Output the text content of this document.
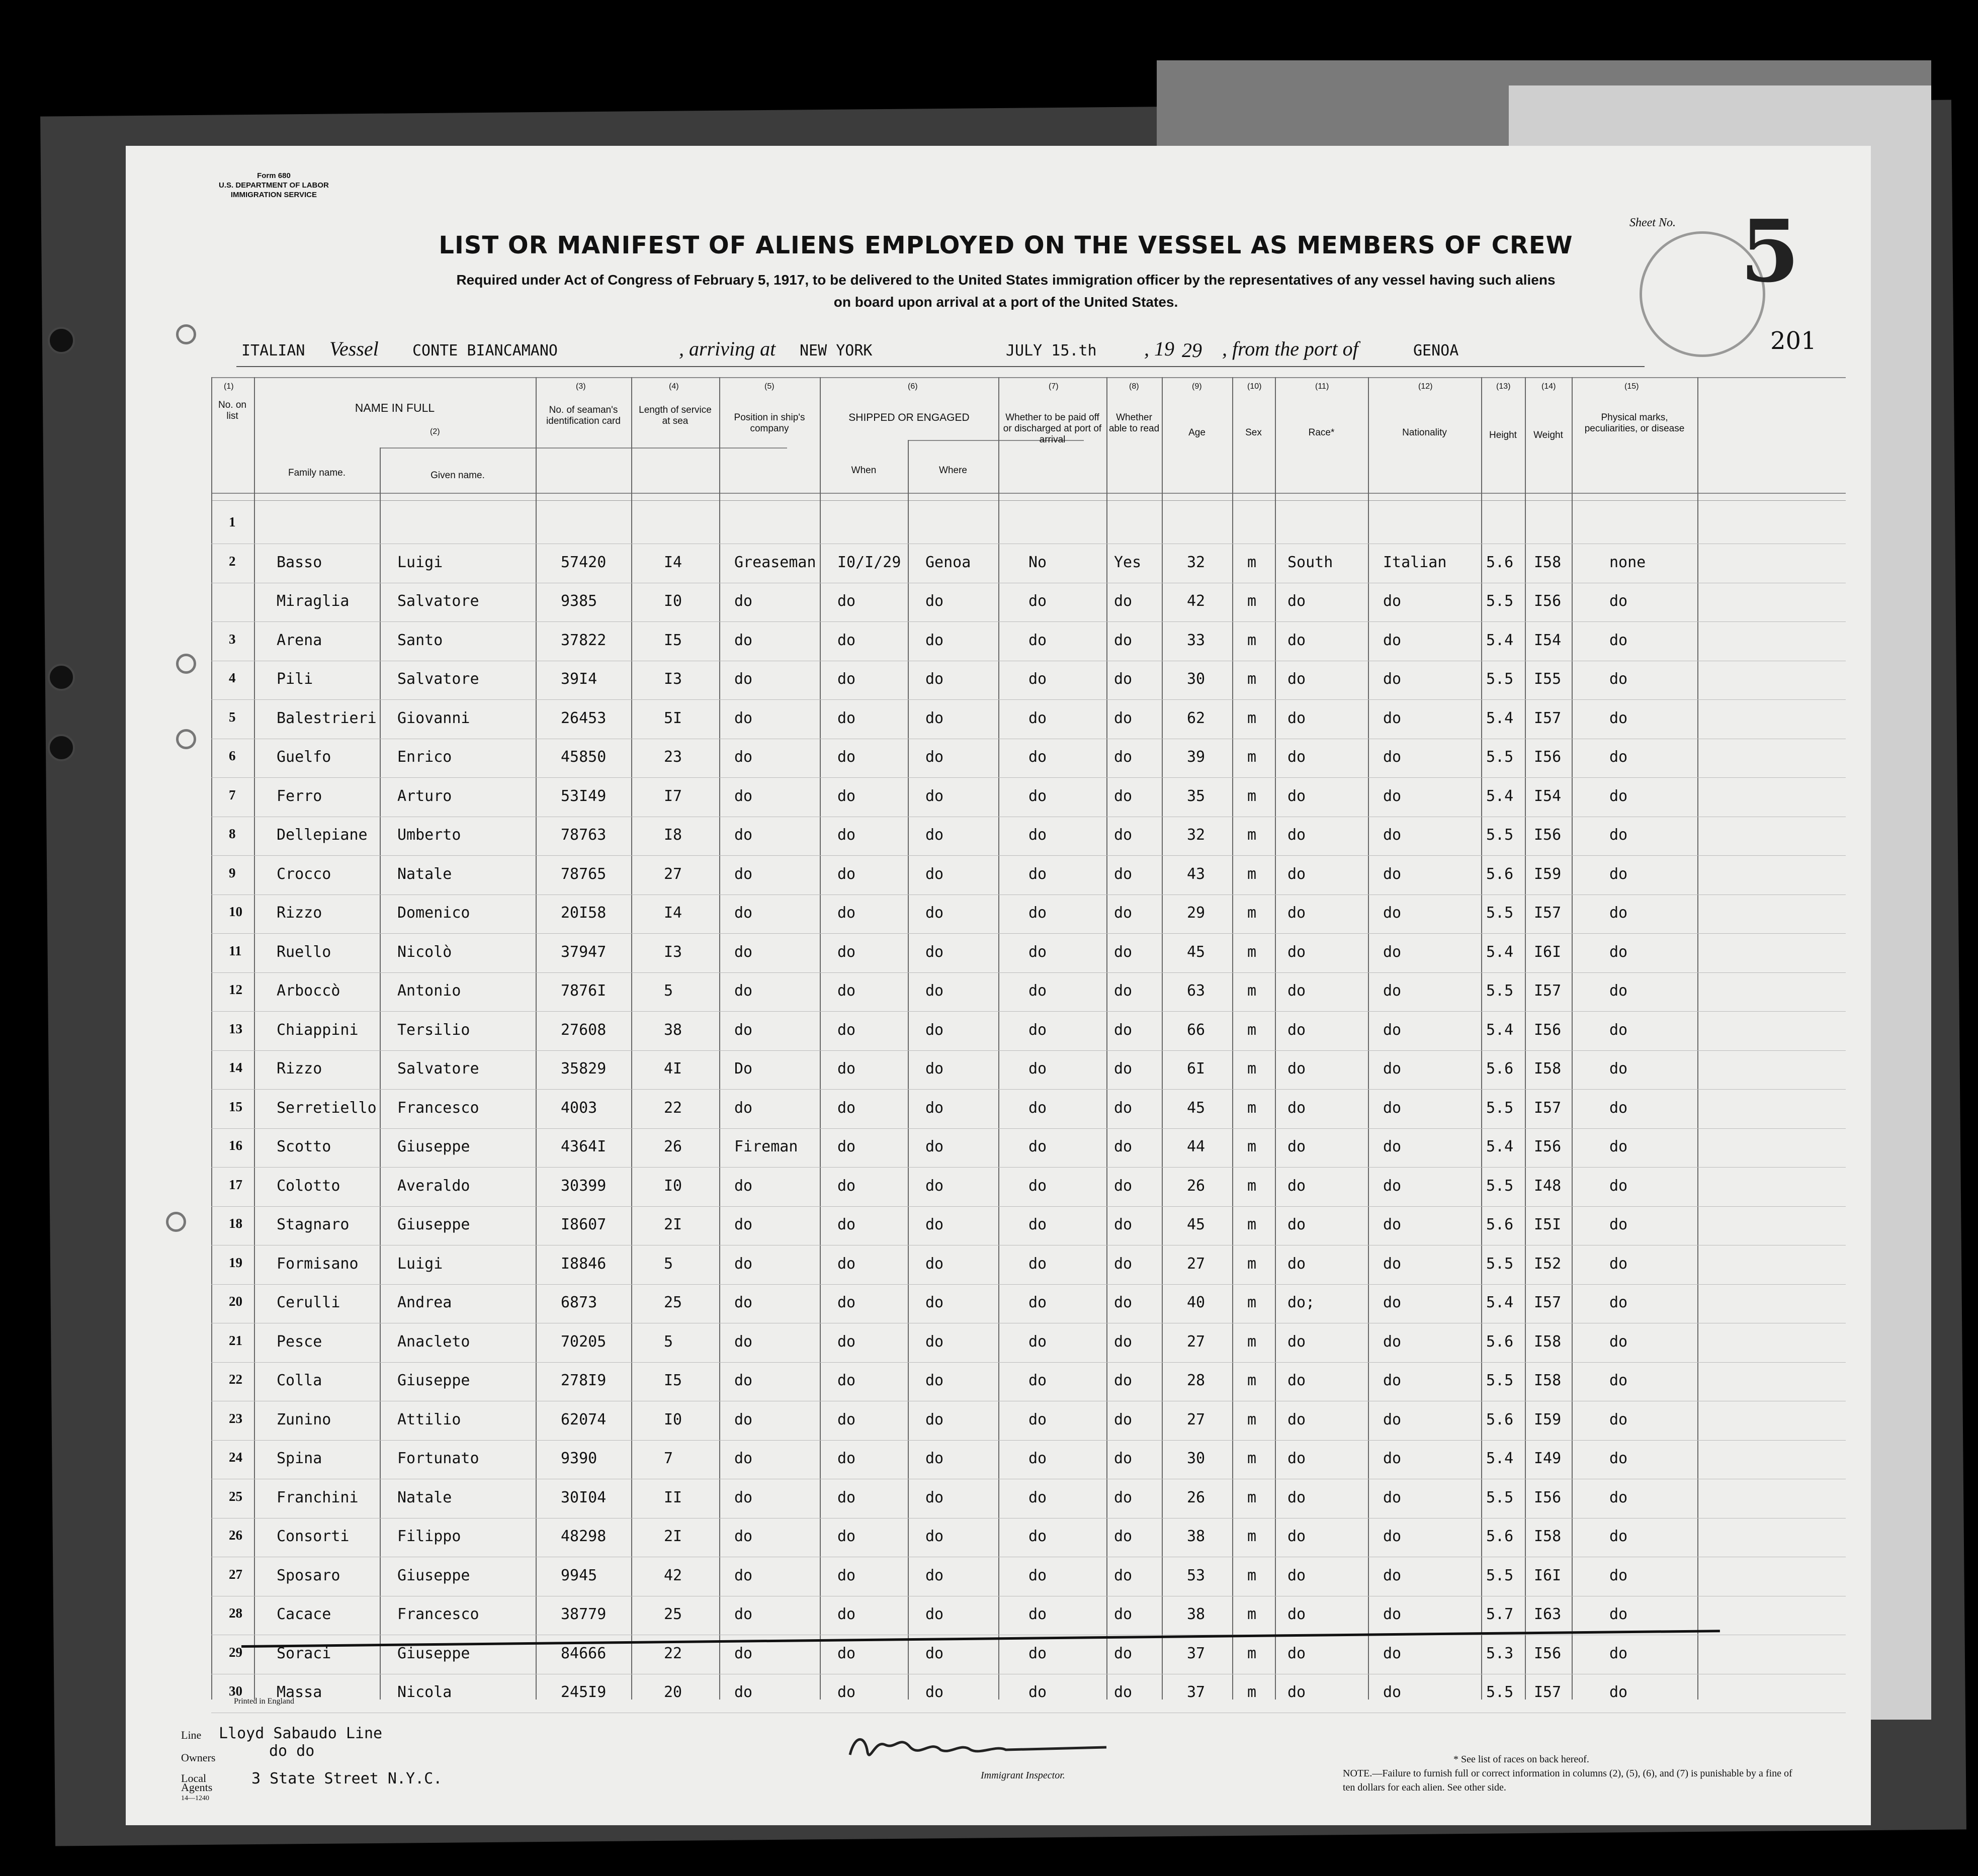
Form 680
U.S. DEPARTMENT OF LABOR
IMMIGRATION SERVICE
LIST OR MANIFEST OF ALIENS EMPLOYED ON THE VESSEL AS MEMBERS OF CREW
Required under Act of Congress of February 5, 1917, to be delivered to the United States immigration officer by the representatives of any vessel having such aliens
on board upon arrival at a port of the United States.
Sheet No. 5
201
ITALIAN Vessel CONTE BIANCAMANO	, arriving at NEW YORK	JULY 15.th , 19 29 , from the port of	GENOA
(1)
(2)
(3)	(4)	(5)	(6)	(7)	(8)	(9)	(10)	(11)	(12)	(13)	(14)	(15)
No. on list
NAME IN FULL
Family name.	Given name.
No. of seaman's identification card
Length of service at sea	Position in ship's company
SHIPPED OR ENGAGED
When	Where
Whether to be paid off or discharged at port of arrival
Whether able to read	Age	Sex	Race*	Nationality	Height	Weight
Physical marks, peculiarities, or disease
1
2	Basso	Luigi	57420	I4	Greaseman I0/I/29 Genoa	No	Yes	32	m South	Italian	5.6 I58	none
Miraglia	Salvatore	9385	I0	do	do	do	do	do	42	m do	do	5.5 I56	do
3	Arena	Santo	37822	I5	do	do	do	do	do	33	m do	do	5.4 I54	do
4	Pili	Salvatore	39I4	I3	do	do	do	do	do	30	m do	do	5.5 I55	do
5	Balestrieri Giovanni	26453	5I	do	do	do	do	do	62	m do	do	5.4 I57	do
6	Guelfo	Enrico	45850	23	do	do	do	do	do	39	m do	do	5.5 I56	do
7	Ferro	Arturo	53I49	I7	do	do	do	do	do	35	m do	do	5.4 I54	do
8	Dellepiane Umberto	78763	I8	do	do	do	do	do	32	m do	do	5.5 I56	do
9	Crocco	Natale	78765	27	do	do	do	do	do	43	m do	do	5.6 I59	do
10 Rizzo	Domenico	20I58	I4	do	do	do	do	do	29	m do	do	5.5 I57	do
11 Ruello	Nicolò	37947	I3	do	do	do	do	do	45	m do	do	5.4 I6I	do
12 Arboccò	Antonio	7876I	5	do	do	do	do	do	63	m do	do	5.5 I57	do
13 Chiappini	Tersilio	27608	38	do	do	do	do	do	66	m do	do	5.4 I56	do
14 Rizzo	Salvatore	35829	4I	Do	do	do	do	do	6I	m do	do	5.6 I58	do
15 Serretiello Francesco	4003	22	do	do	do	do	do	45	m do	do	5.5 I57	do
16 Scotto	Giuseppe	4364I	26	Fireman	do	do	do	do	44	m do	do	5.4 I56	do
17 Colotto	Averaldo	30399	I0	do	do	do	do	do	26	m do	do	5.5 I48	do
18 Stagnaro	Giuseppe	I8607	2I	do	do	do	do	do	45	m do	do	5.6 I5I	do
19 Formisano	Luigi	I8846	5	do	do	do	do	do	27	m do	do	5.5 I52	do
20 Cerulli	Andrea	6873	25	do	do	do	do	do	40	m do;	do	5.4 I57	do
21 Pesce	Anacleto	70205	5	do	do	do	do	do	27	m do	do	5.6 I58	do
22 Colla	Giuseppe	278I9	I5	do	do	do	do	do	28	m do	do	5.5 I58	do
23 Zunino	Attilio	62074	I0	do	do	do	do	do	27	m do	do	5.6 I59	do
24 Spina	Fortunato	9390	7	do	do	do	do	do	30	m do	do	5.4 I49	do
25 Franchini	Natale	30I04	II	do	do	do	do	do	26	m do	do	5.5 I56	do
26 Consorti	Filippo	48298	2I	do	do	do	do	do	38	m do	do	5.6 I58	do
27 Sposaro	Giuseppe	9945	42	do	do	do	do	do	53	m do	do	5.5 I6I	do
28 Cacace	Francesco	38779	25	do	do	do	do	do	38	m do	do	5.7 I63	do
29 Soraci	Giuseppe	84666	22	do	do	do	do	do	37	m do	do	5.3 I56	do
30 Massa	Nicola	245I9	20	do	do	do	do	do	37	m do	do	5.5 I57	do
Printed in England
Line Lloyd Sabaudo Line
Owners	do do
Local Agents
14—1240
3 State Street N.Y.C.	Immigrant Inspector.
* See list of races on back hereof.
NOTE.—Failure to furnish full or correct information in columns (2), (5), (6), and (7) is punishable by a fine of ten dollars for each alien. See other side.
